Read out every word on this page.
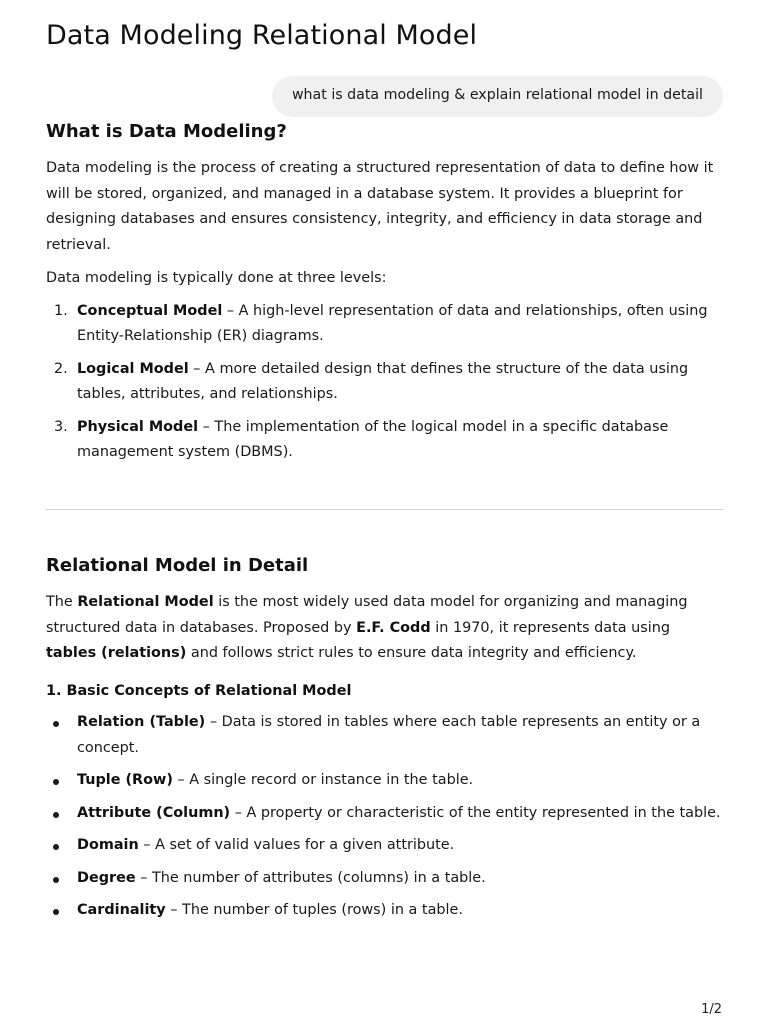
Data Modeling Relational Model
what is data modeling & explain relational model in detail
What is Data Modeling?

Data modeling is the process of creating a structured representation of data to define how it will be stored, organized, and managed in a database system. It provides a blueprint for designing databases and ensures consistency, integrity, and efficiency in data storage and retrieval.

Data modeling is typically done at three levels:

1. Conceptual Model – A high-level representation of data and relationships, often using Entity-Relationship (ER) diagrams.
2. Logical Model – A more detailed design that defines the structure of the data using tables, attributes, and relationships.
3. Physical Model – The implementation of the logical model in a specific database management system (DBMS).
Relational Model in Detail

The Relational Model is the most widely used data model for organizing and managing structured data in databases. Proposed by E.F. Codd in 1970, it represents data using tables (relations) and follows strict rules to ensure data integrity and efficiency.

1. Basic Concepts of Relational Model
Relation (Table) – Data is stored in tables where each table represents an entity or a concept.
Tuple (Row) – A single record or instance in the table.
Attribute (Column) – A property or characteristic of the entity represented in the table.
Domain – A set of valid values for a given attribute.
Degree – The number of attributes (columns) in a table.
Cardinality – The number of tuples (rows) in a table.
1/2
